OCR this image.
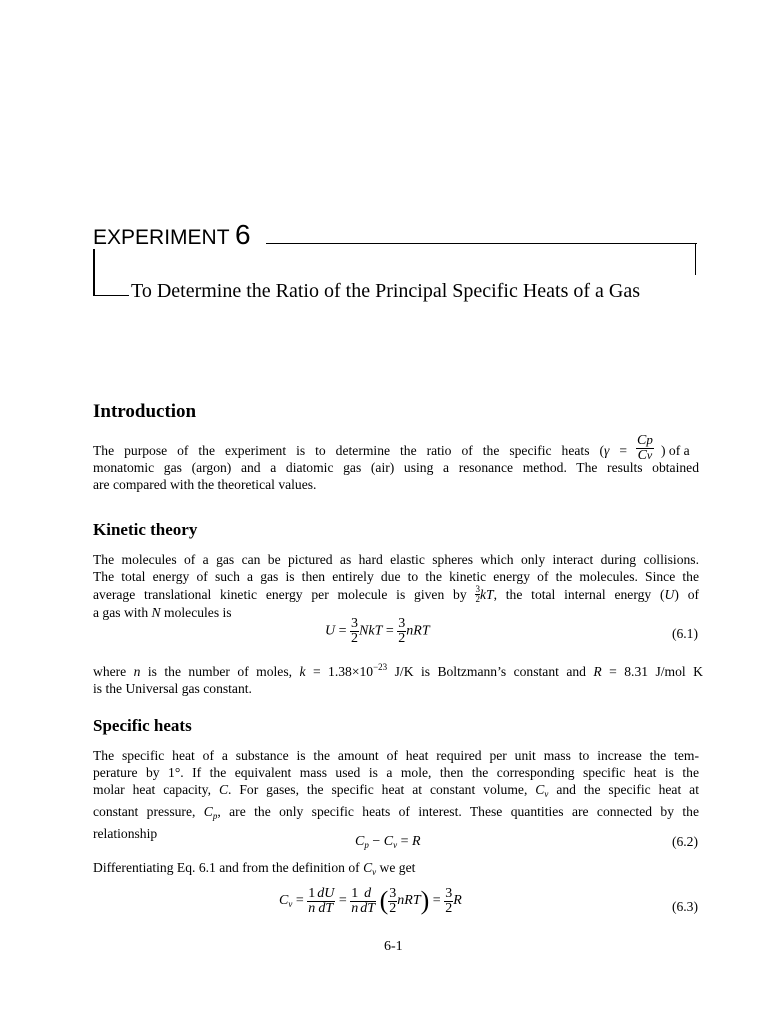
EXPERIMENT 6
To Determine the Ratio of the Principal Specific Heats of a Gas
Introduction
Cp
Cv
The purpose of the experiment is to determine the ratio of the specific heats (γ =	) of a
monatomic gas (argon) and a diatomic gas (air) using a resonance method. The results obtained
are compared with the theoretical values.
Kinetic theory
The molecules of a gas can be pictured as hard elastic spheres which only interact during collisions.
The total energy of such a gas is then entirely due to the kinetic energy of the molecules. Since the
average translational kinetic energy per molecule is given by $\frac{3}{2}$ kT, the total internal energy (U) of
a gas with N molecules is
$U = \frac{3}{2}$ NkT = $\frac{3}{2}$ nRT	(6.1)
where n is the number of moles, $k = 1.38\times 10^{-23}$ J/K is Boltzmann’s constant and R = 8.31 J/mol K
is the Universal gas constant.
Specific heats
The specific heat of a substance is the amount of heat required per unit mass to increase the tem-
perature by 1°. If the equivalent mass used is a mole, then the corresponding specific heat is the
molar heat capacity, C. For gases, the specific heat at constant volume, $C_v$ and the specific heat at
constant pressure, $C_p$, are the only specific heats of interest. These quantities are connected by the
relationship
$C_p - C_v = R$	(6.2)
Differentiating Eq. 6.1 and from the definition of $C_v$ we get
$C_v = \frac{1}{n} \frac{dU}{dT} = \frac{1}{n} \frac{d}{dT}$ ( $\frac{3}{2} nRT) = \frac{3}{2}$ R	(6.3)
6-1
